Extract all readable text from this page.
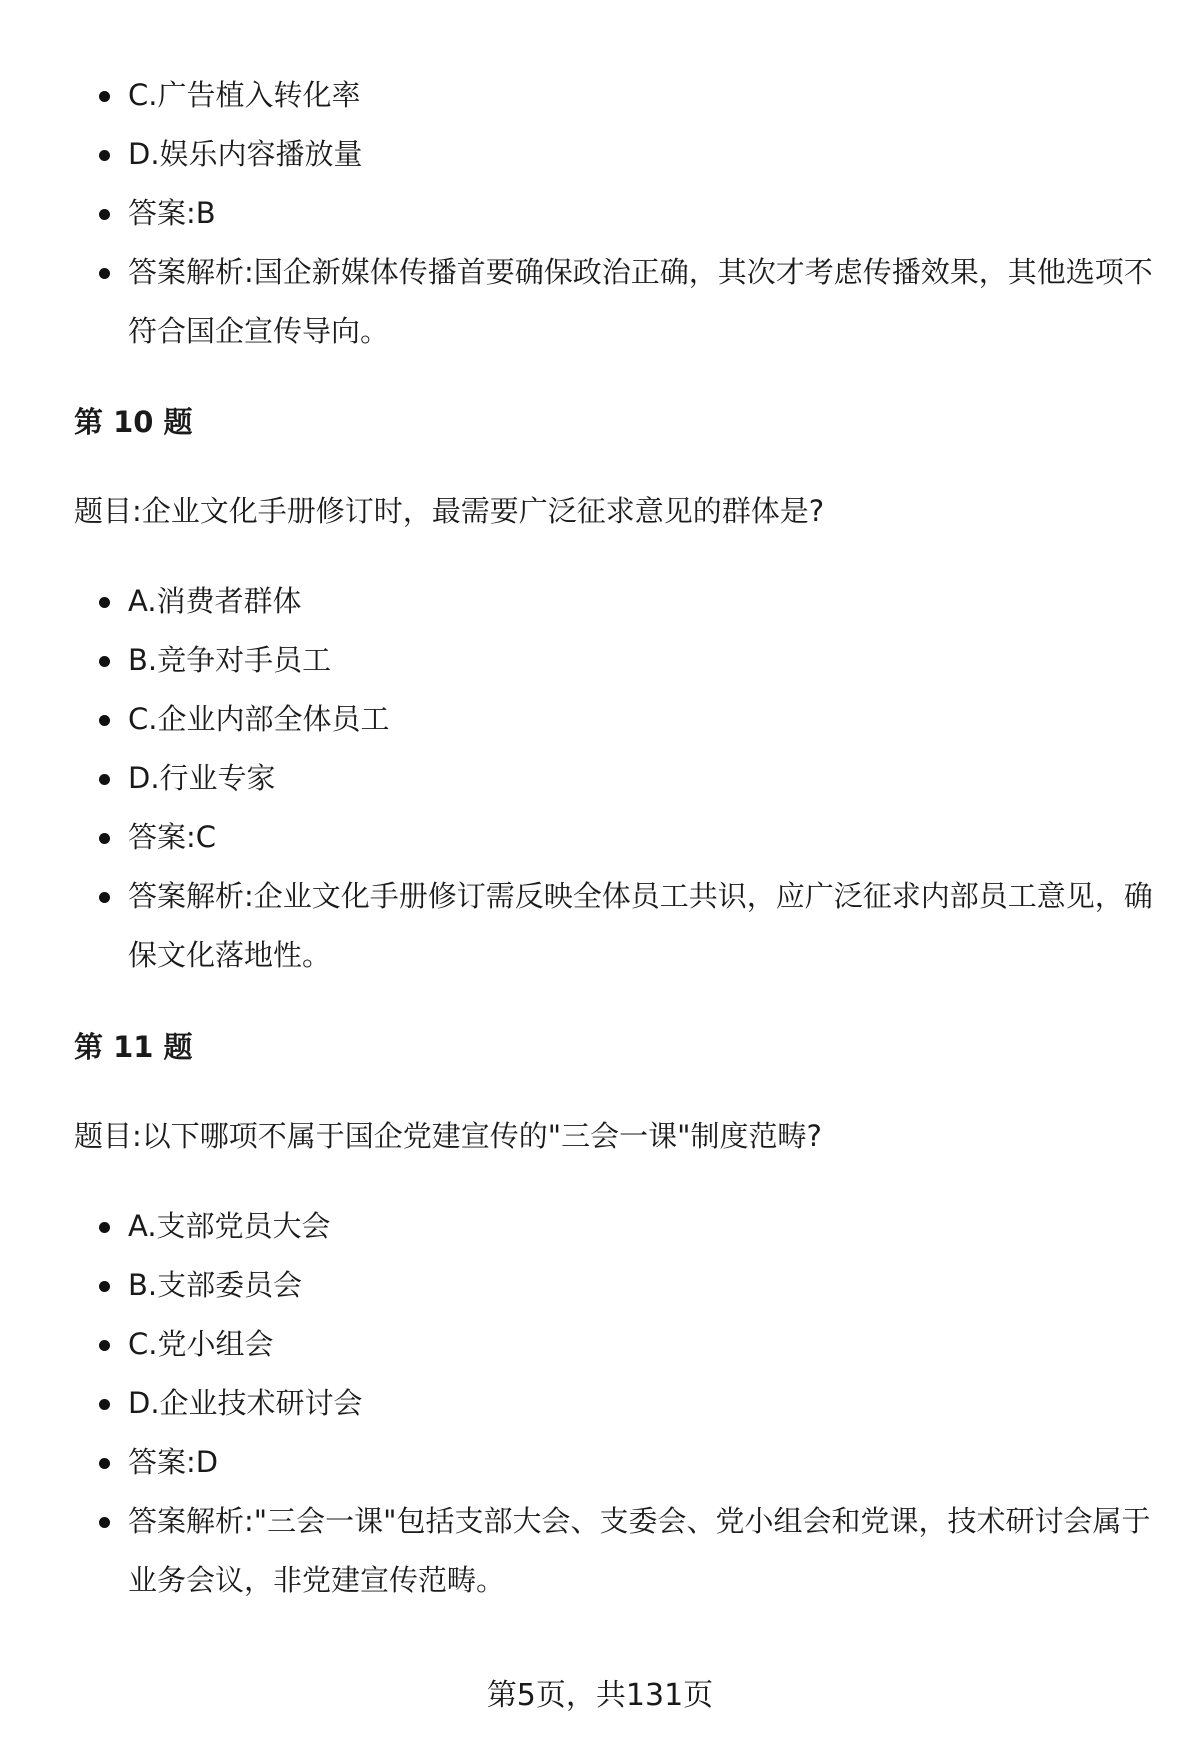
C.广告植入转化率
D.娱乐内容播放量
答案:B
答案解析:国企新媒体传播首要确保政治正确，其次才考虑传播效果，其他选项不符合国企宣传导向。
第 10 题
题目:企业文化手册修订时，最需要广泛征求意见的群体是?
A.消费者群体
B.竞争对手员工
C.企业内部全体员工
D.行业专家
答案:C
答案解析:企业文化手册修订需反映全体员工共识，应广泛征求内部员工意见，确保文化落地性。
第 11 题
题目:以下哪项不属于国企党建宣传的"三会一课"制度范畴?
A.支部党员大会
B.支部委员会
C.党小组会
D.企业技术研讨会
答案:D
答案解析:"三会一课"包括支部大会、支委会、党小组会和党课，技术研讨会属于业务会议，非党建宣传范畴。
第5页，共131页
